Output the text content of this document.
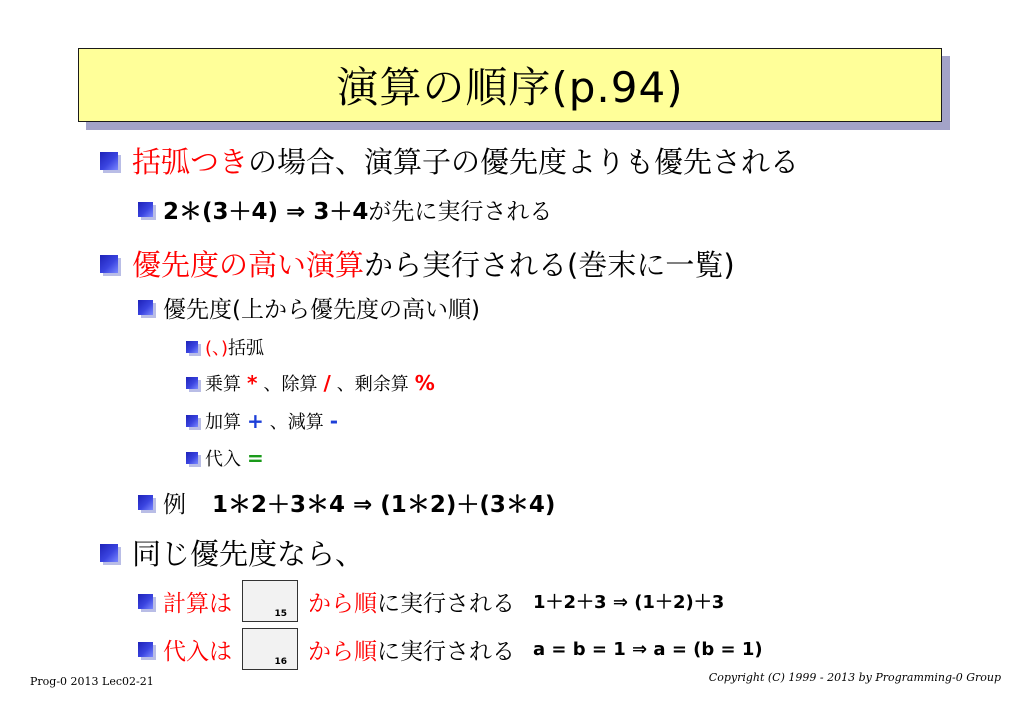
演算の順序(p.94)
括弧つき の場合、演算子の優先度よりも優先される
2＊(3＋4) ⇒ 3＋4 が先に実行される
優先度の高い演算 から実行される(巻末に一覧)
優先度(上から優先度の高い順)
(、) 括弧
乗算 * 、除算 / 、剰余算 %
加算 + 、減算 -
代入 =
例 1＊2＋3＊4 ⇒ (1＊2)＋(3＊4)
同じ優先度なら、
計算は	15 から順 に実行される 1＋2＋3 ⇒ (1＋2)＋3
代入は	16 から順 に実行される a = b = 1 ⇒ a = (b = 1)
Prog-0 2013 Lec02-21	Copyright (C) 1999 - 2013 by Programming-0 Group
